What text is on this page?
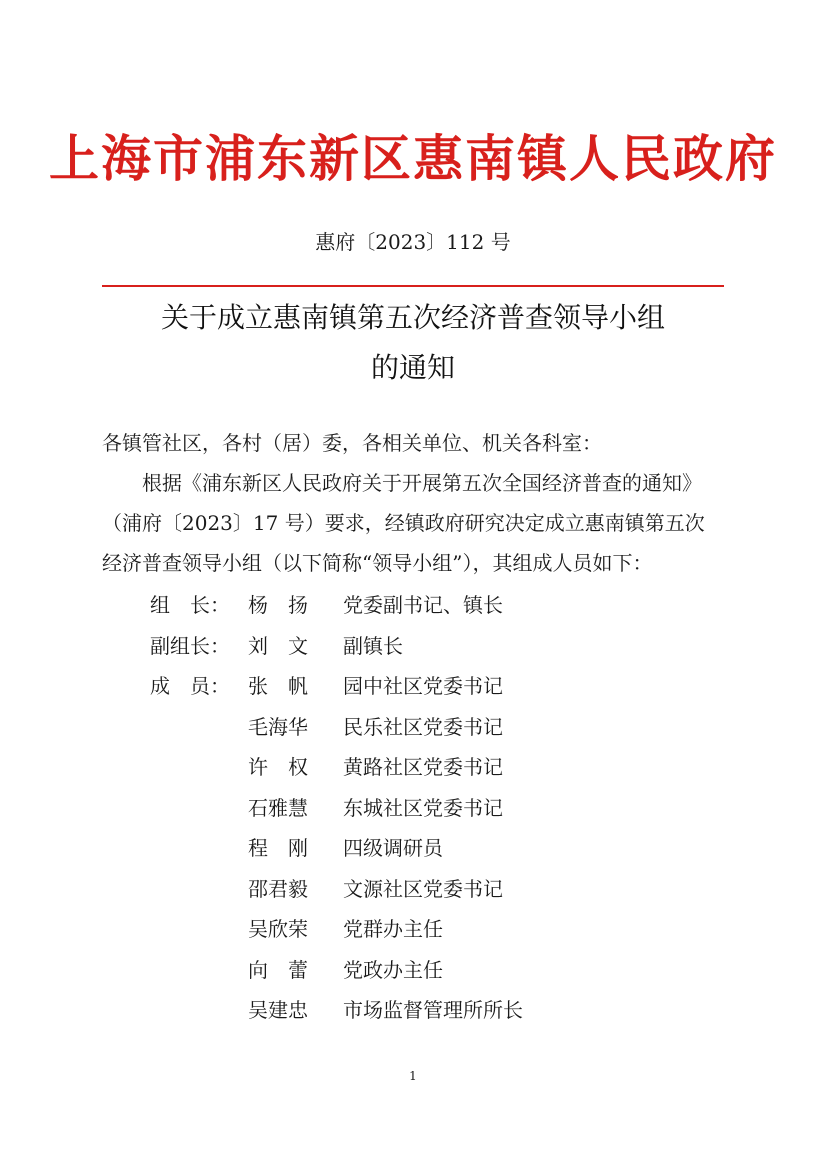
上海市浦东新区惠南镇人民政府
惠府〔2023〕112 号
关于成立惠南镇第五次经济普查领导小组
的通知
各镇管社区，各村（居）委，各相关单位、机关各科室：
根据《浦东新区人民政府关于开展第五次全国经济普查的通知》
（浦府〔2023〕17 号）要求，经镇政府研究决定成立惠南镇第五次
经济普查领导小组（以下简称“领导小组”），其组成人员如下：
组　长： 杨　扬	党委副书记、镇长
副组长： 刘　文	副镇长
成　员： 张　帆	园中社区党委书记
毛海华	民乐社区党委书记
许　权	黄路社区党委书记
石雅慧	东城社区党委书记
程　刚	四级调研员
邵君毅	文源社区党委书记
吴欣荣	党群办主任
向　蕾	党政办主任
吴建忠	市场监督管理所所长
1
